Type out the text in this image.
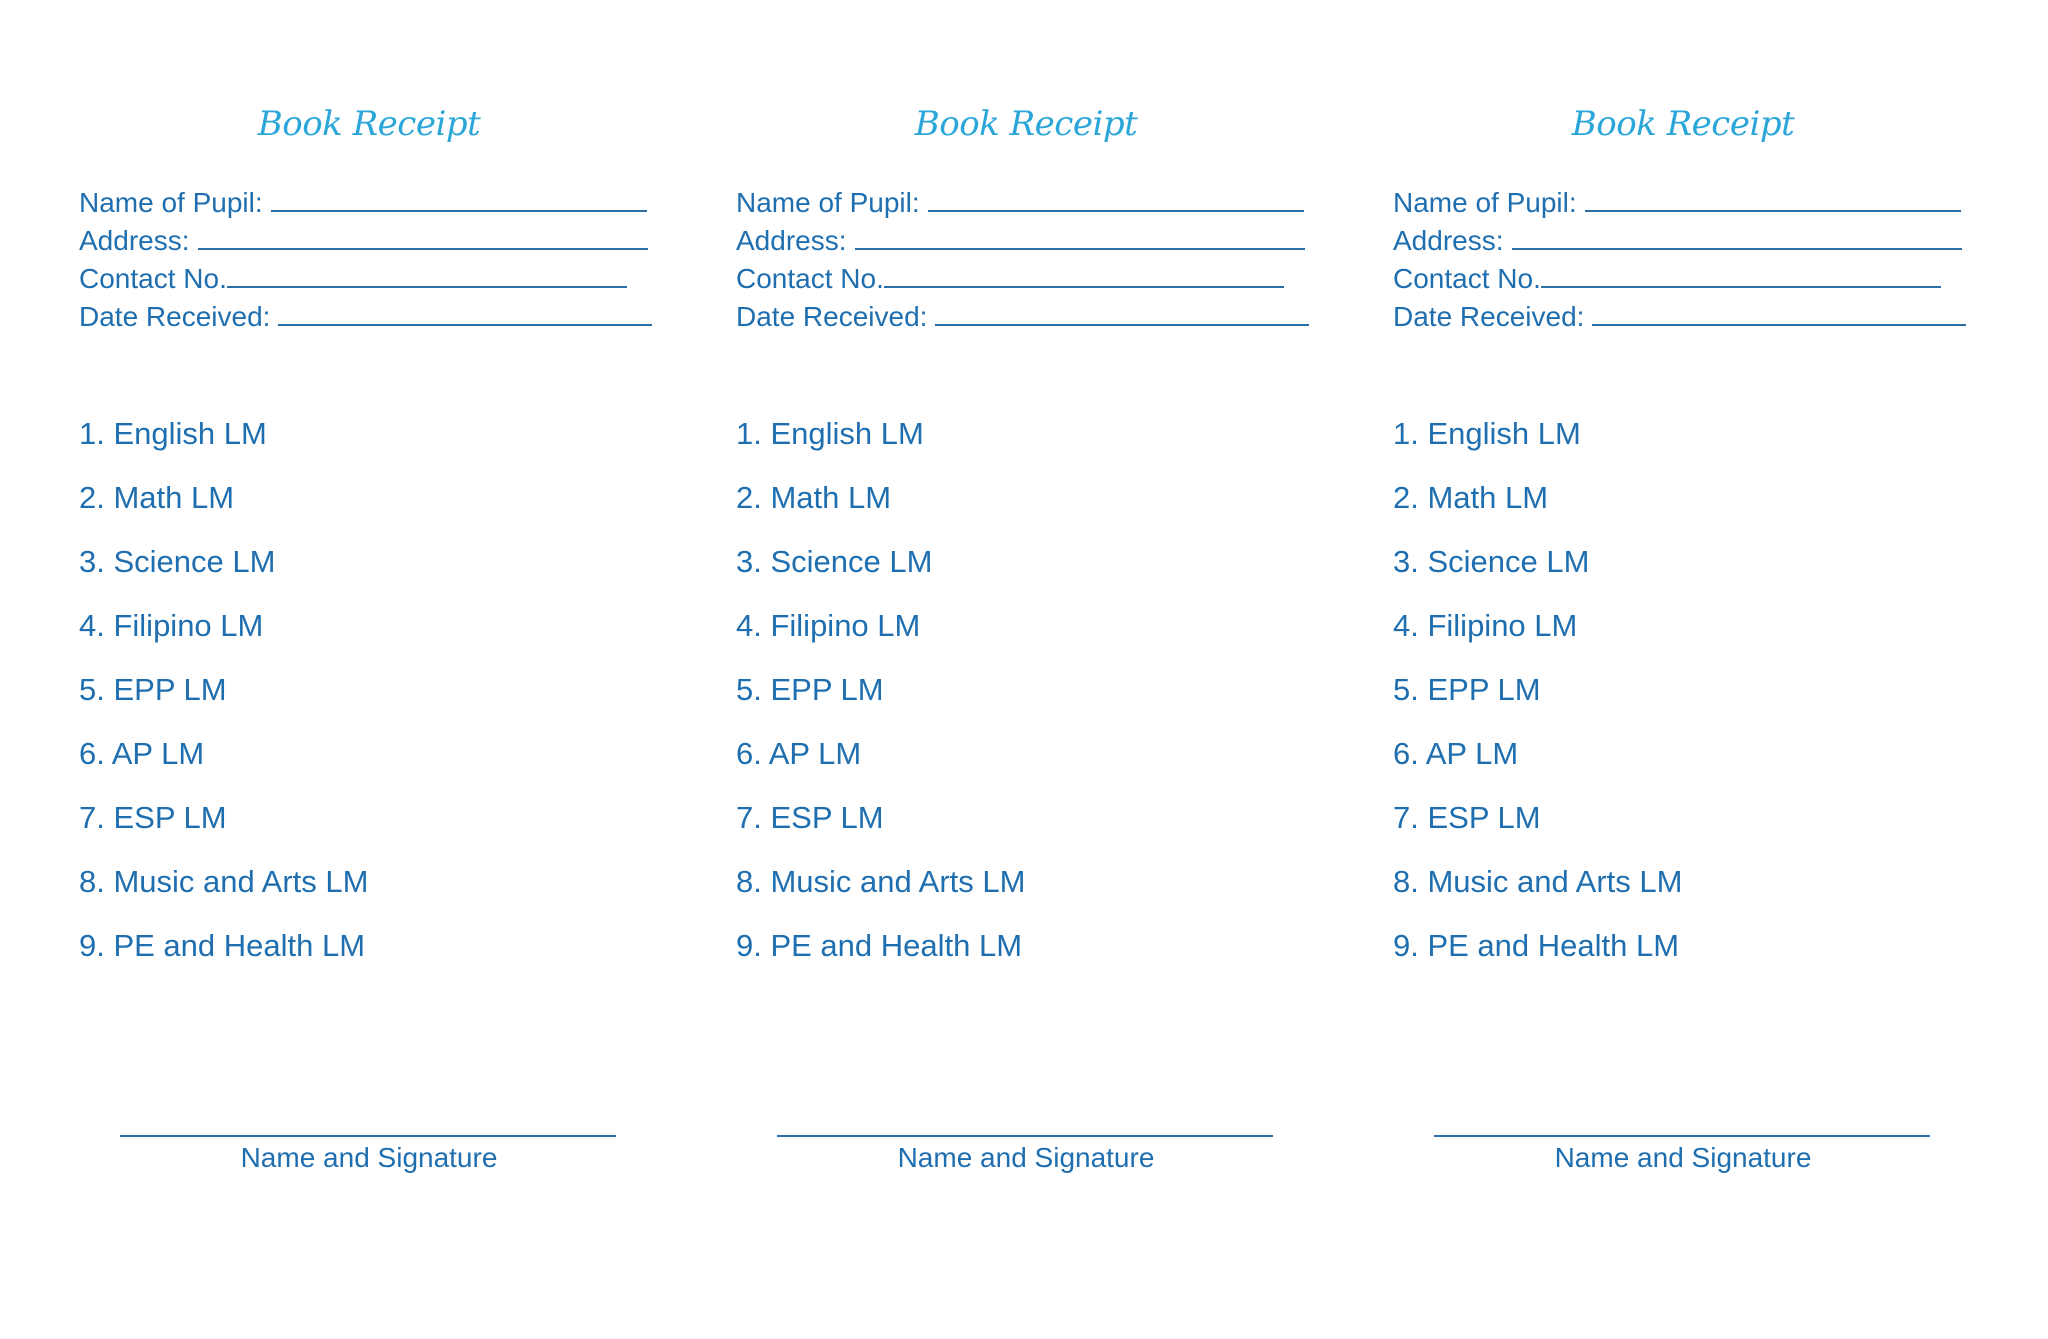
Book Receipt
Name of Pupil:
Address:
Contact No.
Date Received:
1. English LM
2. Math LM
3. Science LM
4. Filipino LM
5. EPP LM
6. AP LM
7. ESP LM
8. Music and Arts LM
9. PE and Health LM
Name and Signature
Book Receipt
Name of Pupil:
Address:
Contact No.
Date Received:
1. English LM
2. Math LM
3. Science LM
4. Filipino LM
5. EPP LM
6. AP LM
7. ESP LM
8. Music and Arts LM
9. PE and Health LM
Name and Signature
Book Receipt
Name of Pupil:
Address:
Contact No.
Date Received:
1. English LM
2. Math LM
3. Science LM
4. Filipino LM
5. EPP LM
6. AP LM
7. ESP LM
8. Music and Arts LM
9. PE and Health LM
Name and Signature
